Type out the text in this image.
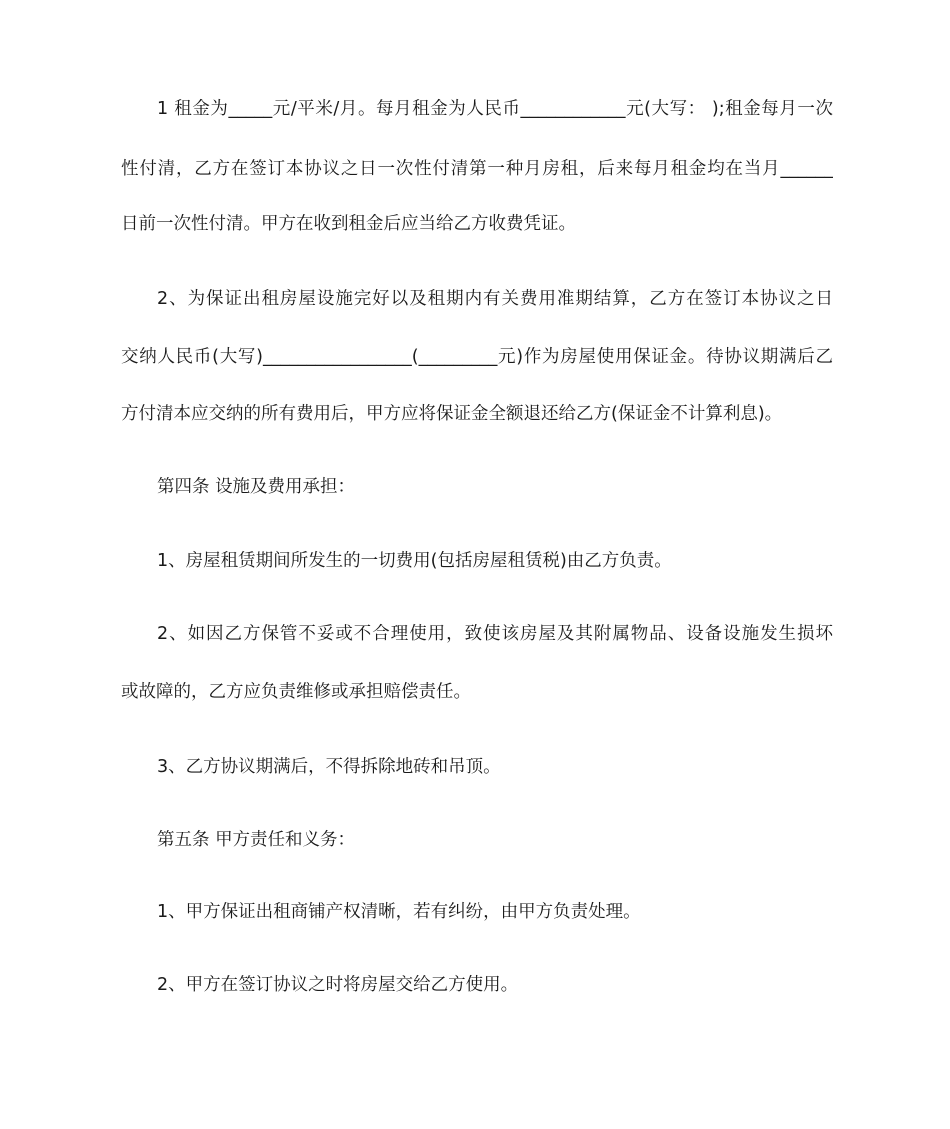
1 租金为_____元/平米/月。每月租金为人民币____________元(大写： );租金每月一次
性付清，乙方在签订本协议之日一次性付清第一种月房租，后来每月租金均在当月______
日前一次性付清。甲方在收到租金后应当给乙方收费凭证。
2、为保证出租房屋设施完好以及租期内有关费用准期结算，乙方在签订本协议之日
交纳人民币(大写)_________________(_________元)作为房屋使用保证金。待协议期满后乙
方付清本应交纳的所有费用后，甲方应将保证金全额退还给乙方(保证金不计算利息)。
第四条 设施及费用承担：
1、房屋租赁期间所发生的一切费用(包括房屋租赁税)由乙方负责。
2、如因乙方保管不妥或不合理使用，致使该房屋及其附属物品、设备设施发生损坏
或故障的，乙方应负责维修或承担赔偿责任。
3、乙方协议期满后，不得拆除地砖和吊顶。
第五条 甲方责任和义务：
1、甲方保证出租商铺产权清晰，若有纠纷，由甲方负责处理。
2、甲方在签订协议之时将房屋交给乙方使用。
